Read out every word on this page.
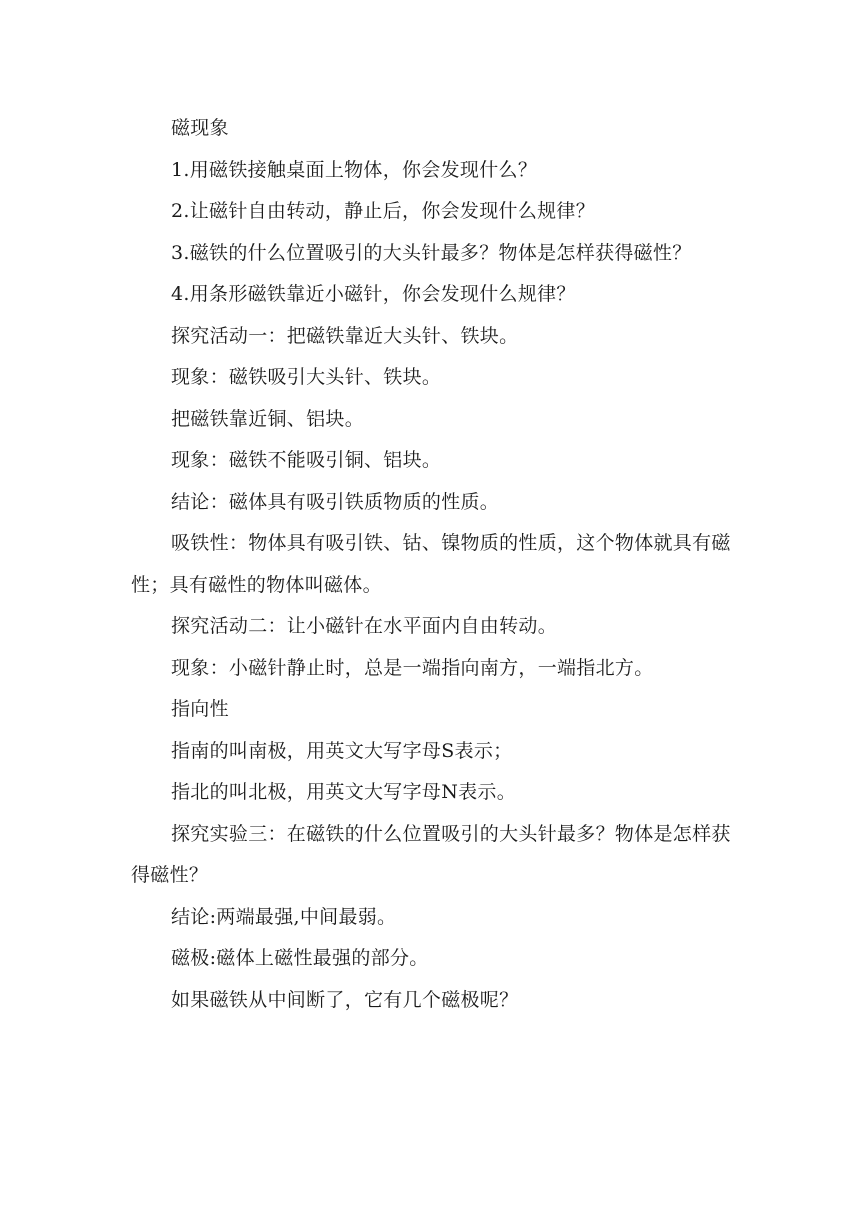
磁现象

1.用磁铁接触桌面上物体，你会发现什么？

2.让磁针自由转动，静止后，你会发现什么规律？

3.磁铁的什么位置吸引的大头针最多？物体是怎样获得磁性？

4.用条形磁铁靠近小磁针，你会发现什么规律？

探究活动一：把磁铁靠近大头针、铁块。

现象：磁铁吸引大头针、铁块。

把磁铁靠近铜、铝块。

现象：磁铁不能吸引铜、铝块。

结论：磁体具有吸引铁质物质的性质。

吸铁性：物体具有吸引铁、钴、镍物质的性质，这个物体就具有磁性；具有磁性的物体叫磁体。

探究活动二：让小磁针在水平面内自由转动。

现象：小磁针静止时，总是一端指向南方，一端指北方。

指向性

指南的叫南极，用英文大写字母S表示；

指北的叫北极，用英文大写字母N表示。

探究实验三：在磁铁的什么位置吸引的大头针最多？物体是怎样获得磁性？

结论:两端最强,中间最弱。

磁极:磁体上磁性最强的部分。

如果磁铁从中间断了，它有几个磁极呢？
